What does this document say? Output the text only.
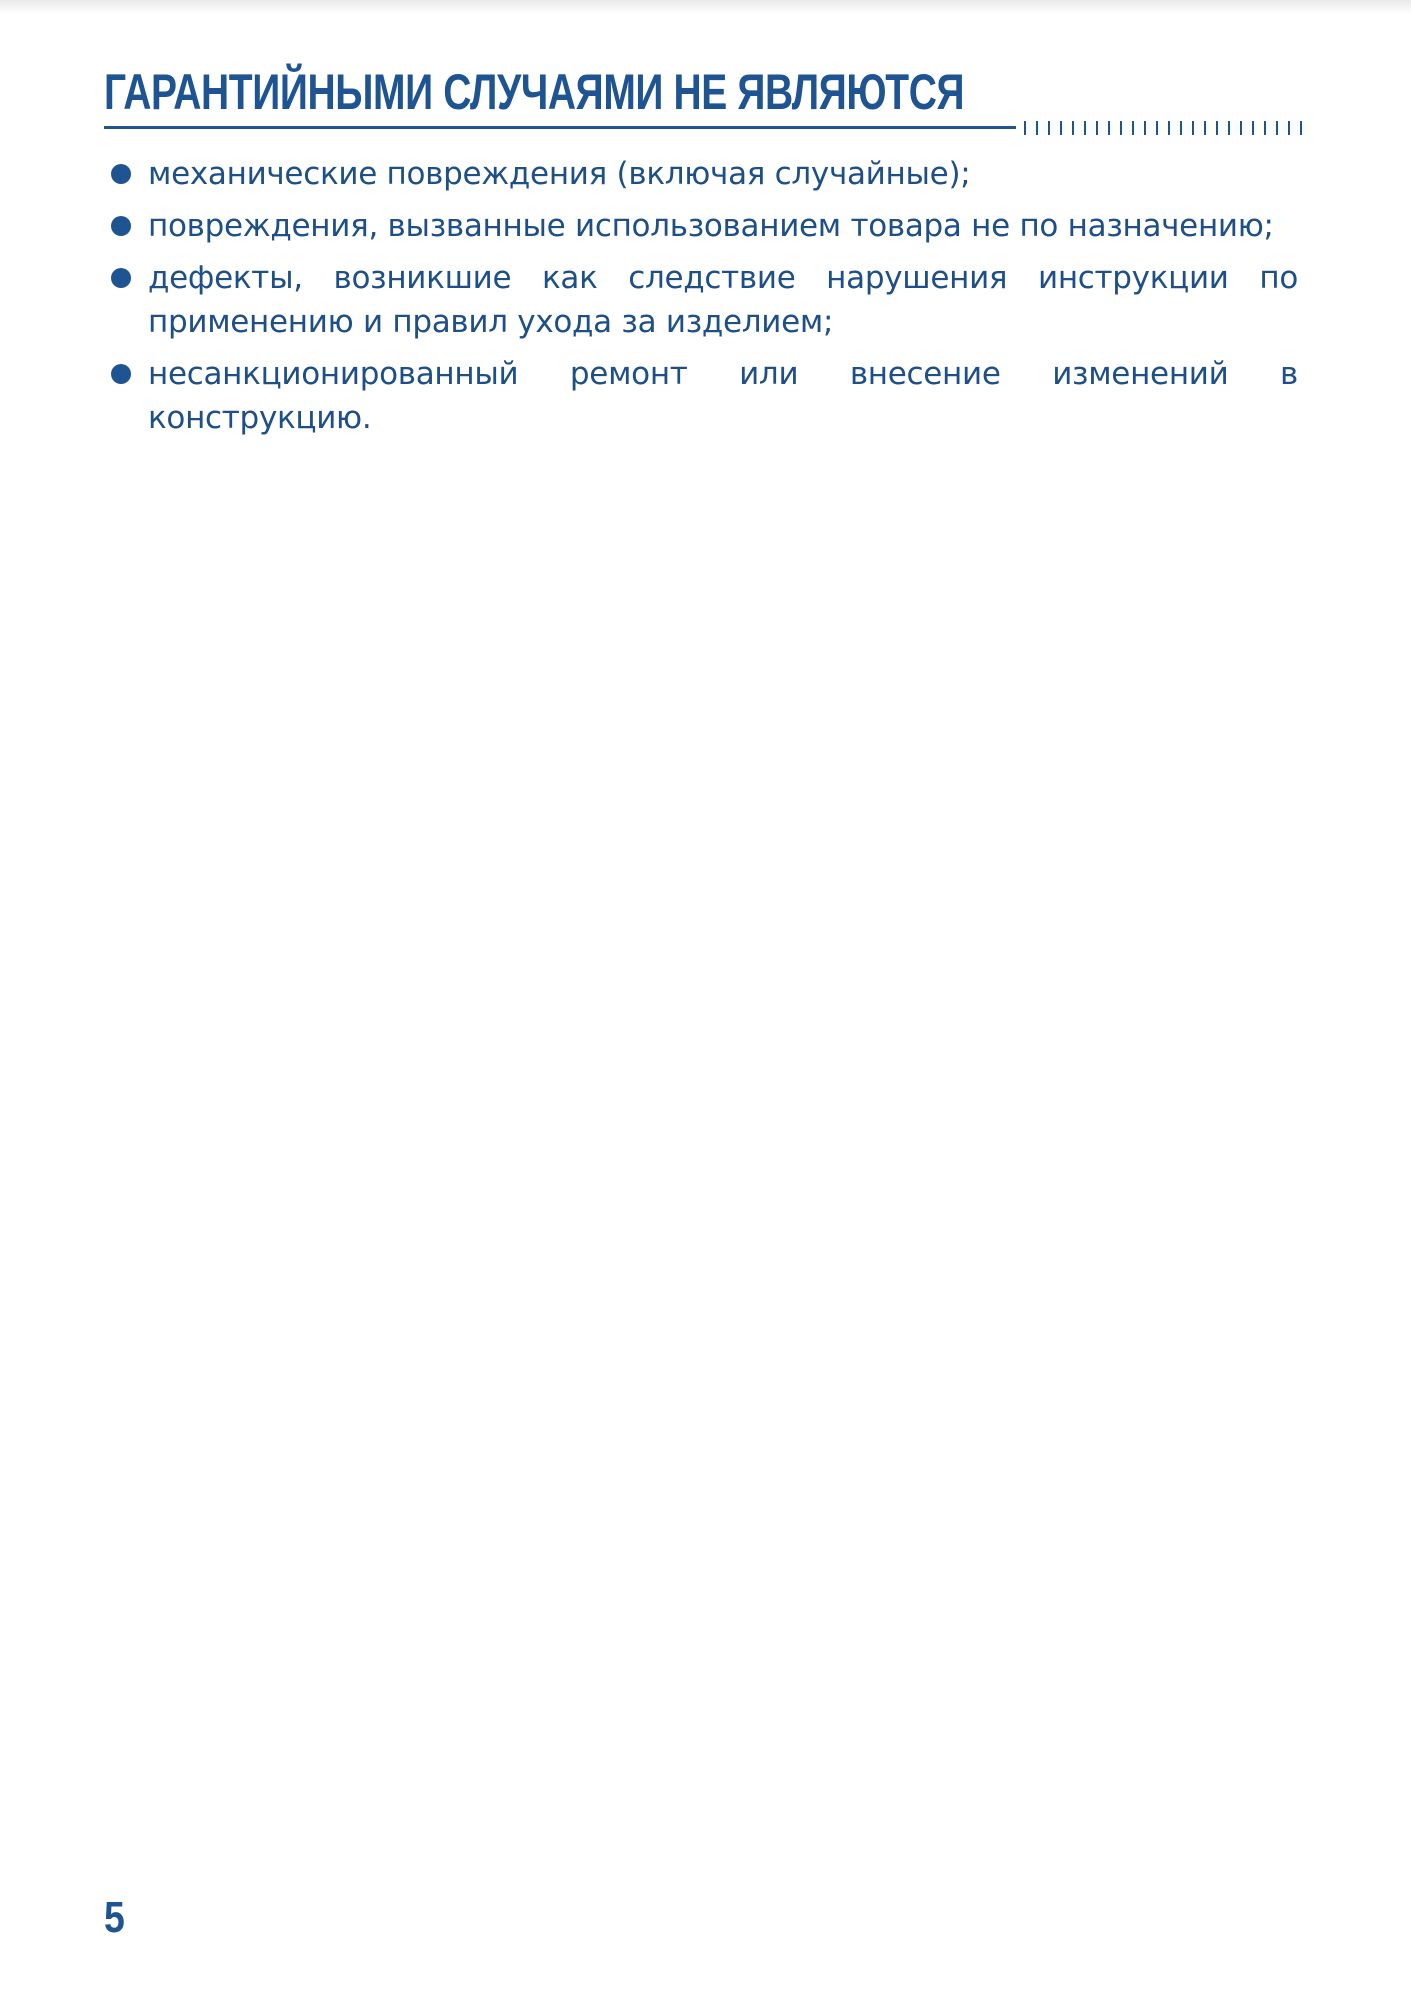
ГАРАНТИЙНЫМИ СЛУЧАЯМИ НЕ ЯВЛЯЮТСЯ
механические повреждения (включая случайные);
повреждения, вызванные использованием товара не по назначению;
дефекты, возникшие как следствие нарушения инструкции по применению и правил ухода за изделием;
несанкционированный ремонт или внесение изменений в конструкцию.
5
